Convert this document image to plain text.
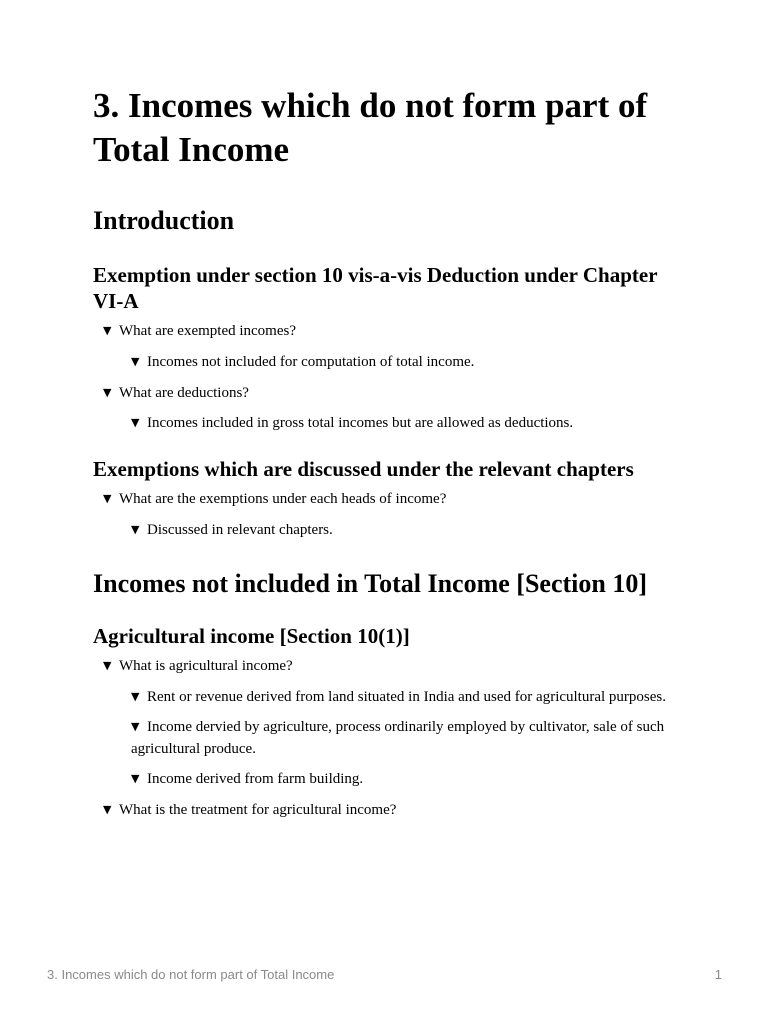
3. Incomes which do not form part of Total Income
Introduction
Exemption under section 10 vis-a-vis Deduction under Chapter VI-A
▼ What are exempted incomes?
▼ Incomes not included for computation of total income.
▼ What are deductions?
▼ Incomes included in gross total incomes but are allowed as deductions.
Exemptions which are discussed under the relevant chapters
▼ What are the exemptions under each heads of income?
▼ Discussed in relevant chapters.
Incomes not included in Total Income [Section 10]
Agricultural income [Section 10(1)]
▼ What is agricultural income?
▼ Rent or revenue derived from land situated in India and used for agricultural purposes.
▼ Income dervied by agriculture, process ordinarily employed by cultivator, sale of such agricultural produce.
▼ Income derived from farm building.
▼ What is the treatment for agricultural income?
3. Incomes which do not form part of Total Income	1
